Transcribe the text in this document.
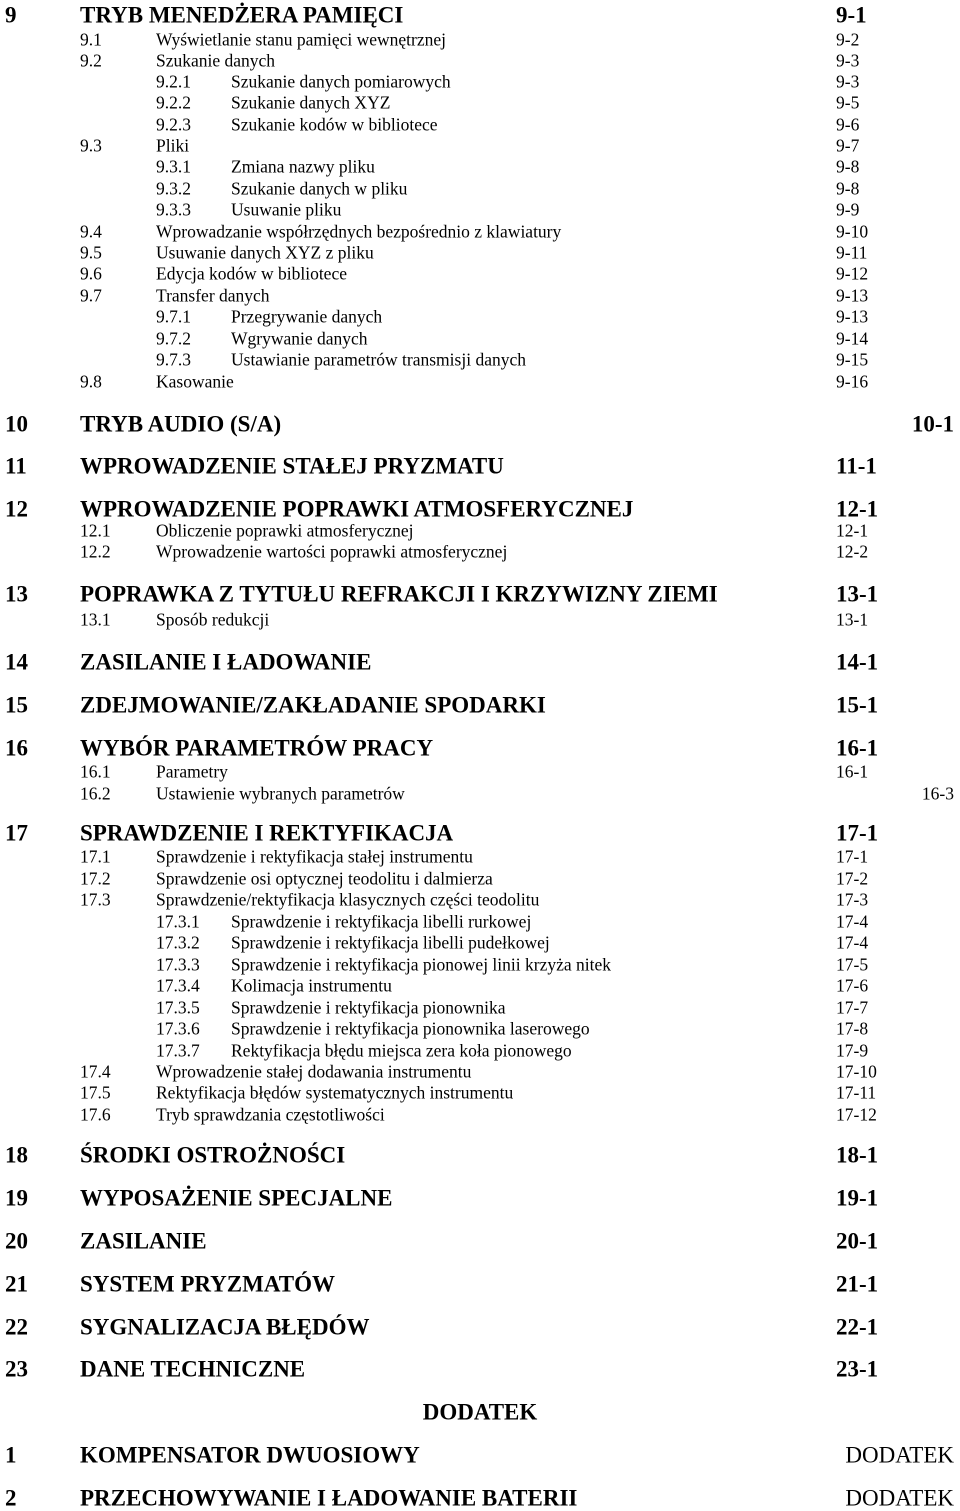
9	TRYB MENEDŻERA PAMIĘCI	9-1
9.1	Wyświetlanie stanu pamięci wewnętrznej	9-2
9.2	Szukanie danych	9-3
9.2.1 Szukanie danych pomiarowych	9-3
9.2.2 Szukanie danych XYZ	9-5
9.2.3 Szukanie kodów w bibliotece	9-6
9.3	Pliki	9-7
9.3.1 Zmiana nazwy pliku	9-8
9.3.2 Szukanie danych w pliku	9-8
9.3.3 Usuwanie pliku	9-9
9.4	Wprowadzanie współrzędnych bezpośrednio z klawiatury	9-10
9.5	Usuwanie danych XYZ z pliku	9-11
9.6	Edycja kodów w bibliotece	9-12
9.7	Transfer danych	9-13
9.7.1 Przegrywanie danych	9-13
9.7.2 Wgrywanie danych	9-14
9.7.3 Ustawianie parametrów transmisji danych	9-15
9.8	Kasowanie	9-16
10 TRYB AUDIO (S/A)	10-1
11 WPROWADZENIE STAŁEJ PRYZMATU	11-1
12 WPROWADZENIE POPRAWKI ATMOSFERYCZNEJ	12-1
12.1	Obliczenie poprawki atmosferycznej	12-1
12.2	Wprowadzenie wartości poprawki atmosferycznej	12-2
13 POPRAWKA Z TYTUŁU REFRAKCJI I KRZYWIZNY ZIEMI	13-1
13.1	Sposób redukcji	13-1
14 ZASILANIE I ŁADOWANIE	14-1
15 ZDEJMOWANIE/ZAKŁADANIE SPODARKI	15-1
16 WYBÓR PARAMETRÓW PRACY	16-1
16.1	Parametry	16-1
16.2	Ustawienie wybranych parametrów	16-3
17 SPRAWDZENIE I REKTYFIKACJA	17-1
17.1	Sprawdzenie i rektyfikacja stałej instrumentu	17-1
17.2	Sprawdzenie osi optycznej teodolitu i dalmierza	17-2
17.3	Sprawdzenie/rektyfikacja klasycznych części teodolitu	17-3
17.3.1 Sprawdzenie i rektyfikacja libelli rurkowej	17-4
17.3.2 Sprawdzenie i rektyfikacja libelli pudełkowej	17-4
17.3.3 Sprawdzenie i rektyfikacja pionowej linii krzyża nitek	17-5
17.3.4 Kolimacja instrumentu	17-6
17.3.5 Sprawdzenie i rektyfikacja pionownika	17-7
17.3.6 Sprawdzenie i rektyfikacja pionownika laserowego	17-8
17.3.7 Rektyfikacja błędu miejsca zera koła pionowego	17-9
17.4	Wprowadzenie stałej dodawania instrumentu	17-10
17.5	Rektyfikacja błędów systematycznych instrumentu	17-11
17.6	Tryb sprawdzania częstotliwości	17-12
18 ŚRODKI OSTROŻNOŚCI	18-1
19 WYPOSAŻENIE SPECJALNE	19-1
20 ZASILANIE	20-1
21 SYSTEM PRYZMATÓW	21-1
22 SYGNALIZACJA BŁĘDÓW	22-1
23 DANE TECHNICZNE	23-1
DODATEK
1	KOMPENSATOR DWUOSIOWY	DODATEK
2	PRZECHOWYWANIE I ŁADOWANIE BATERII	DODATEK
